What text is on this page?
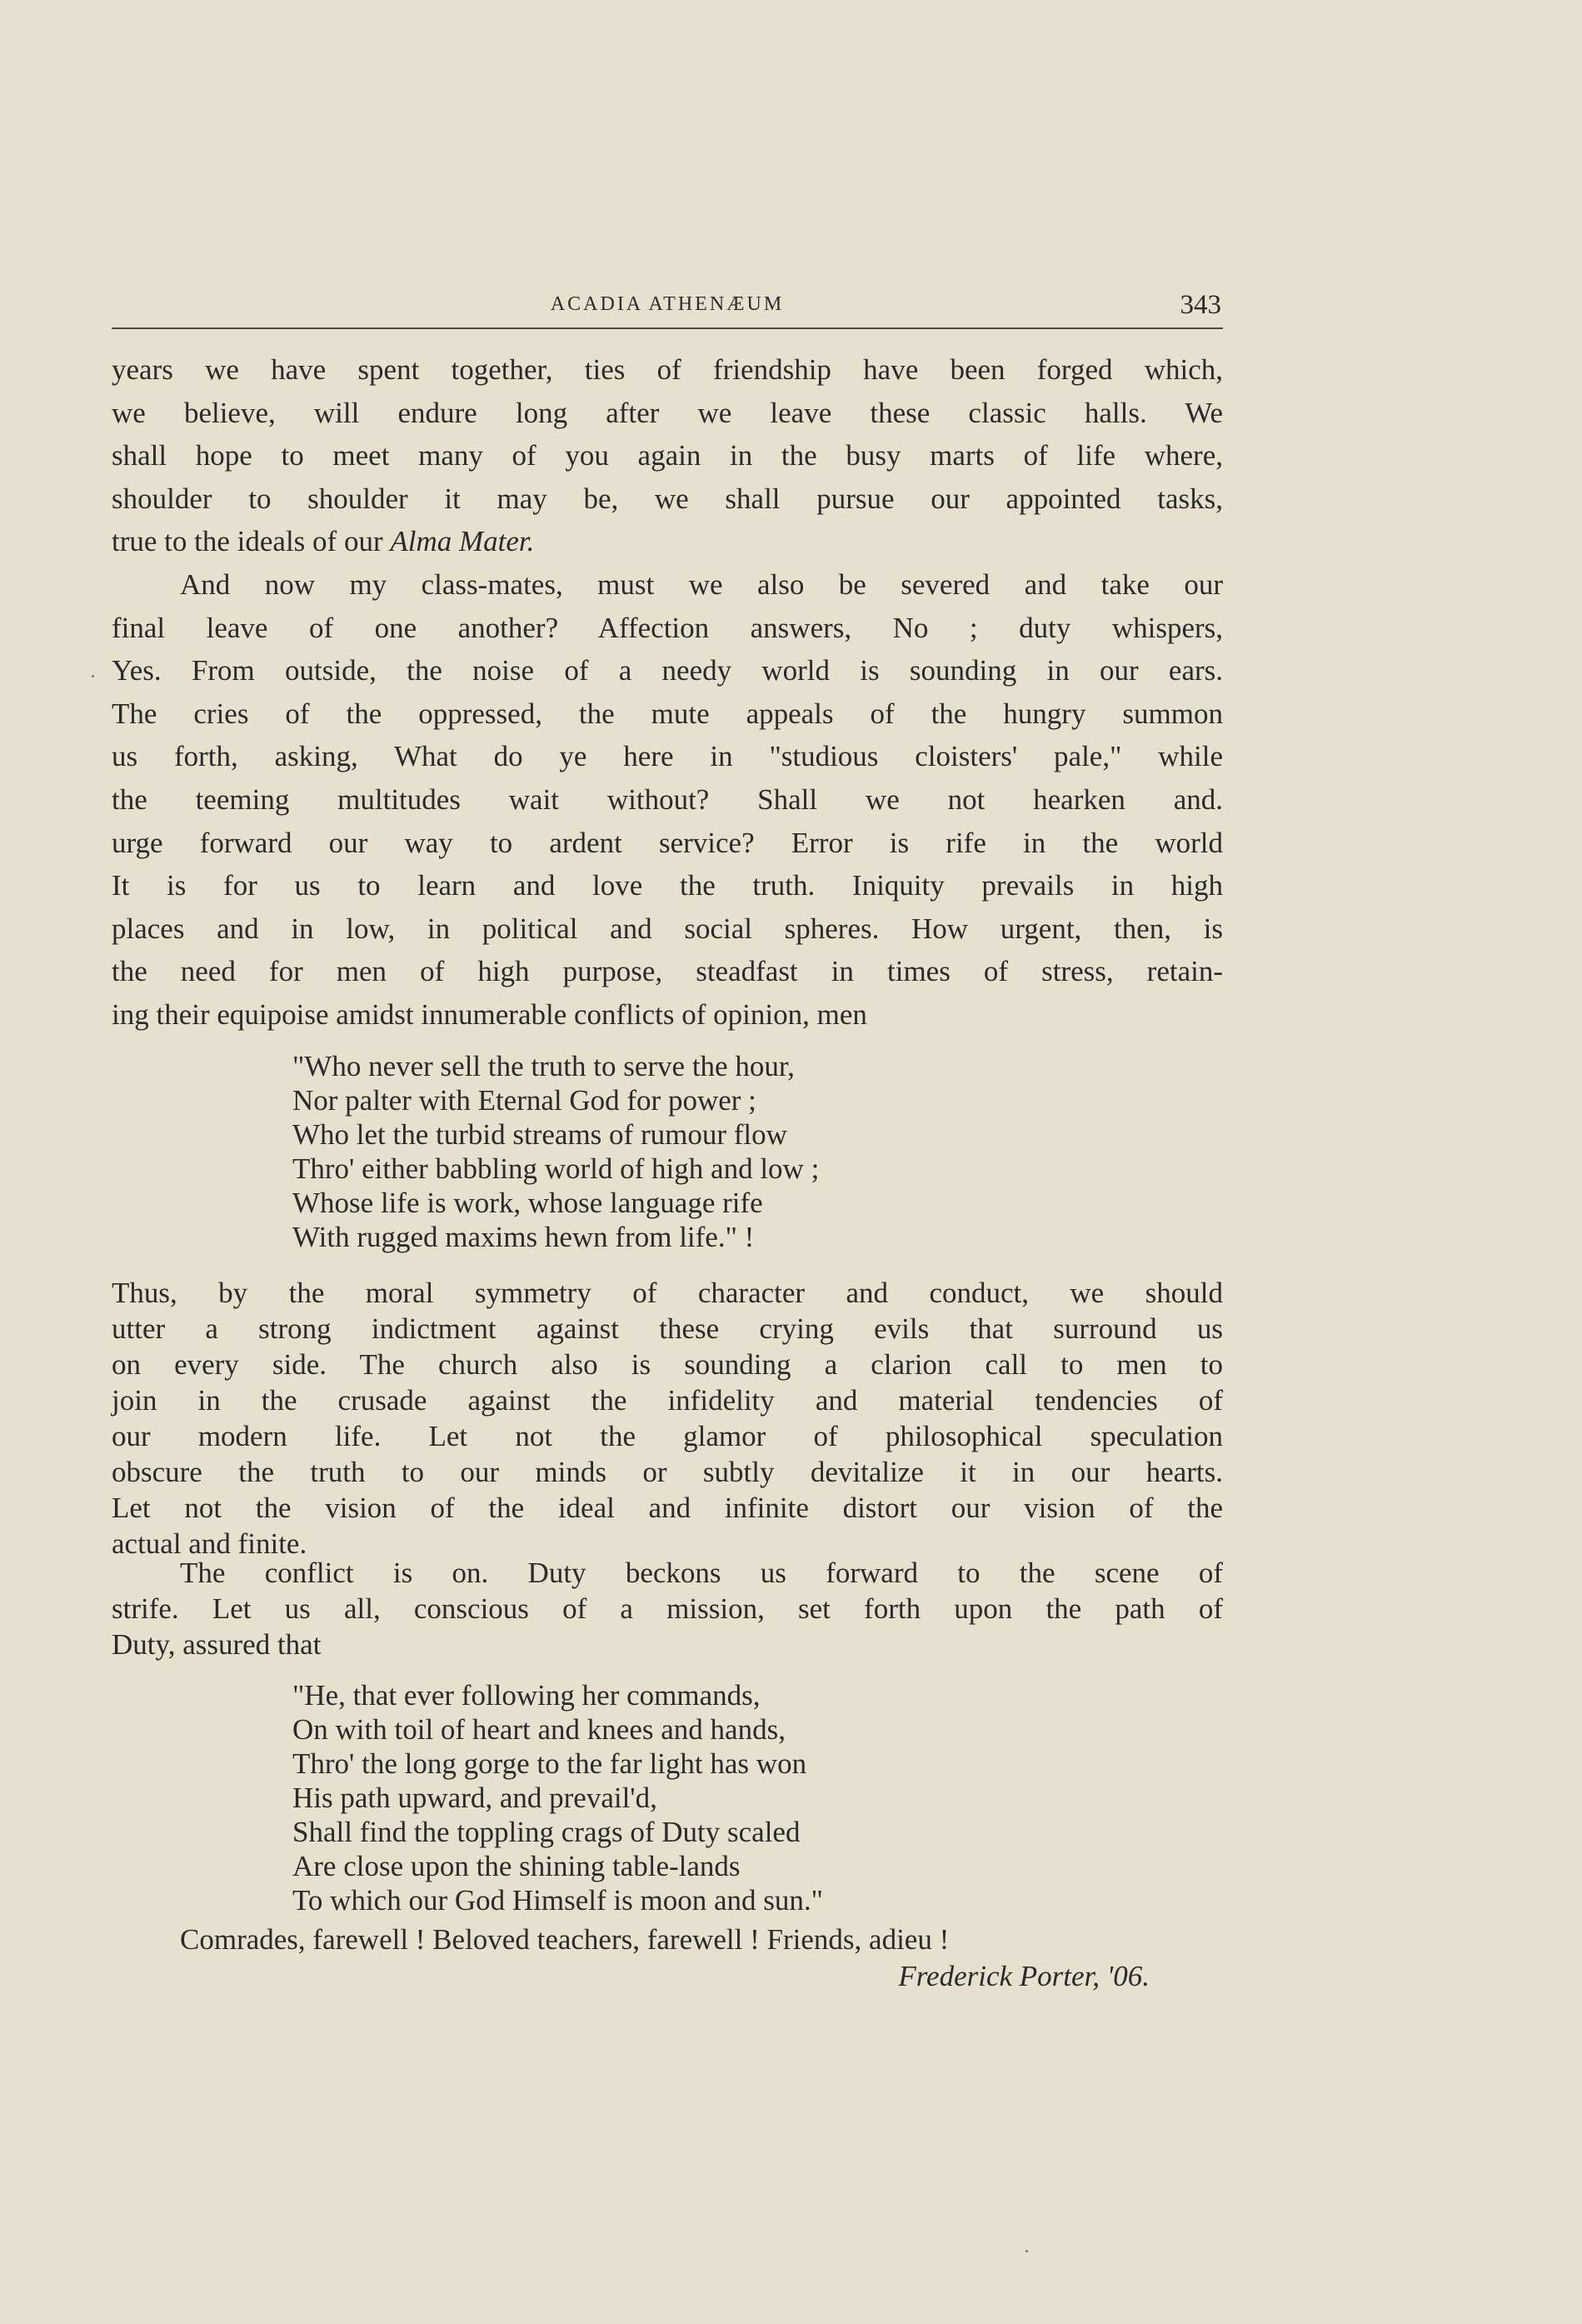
ACADIA ATHENÆUM	343
years we have spent together, ties of friendship have been forged which,
we believe, will endure long after we leave these classic halls. We
shall hope to meet many of you again in the busy marts of life where,
shoulder to shoulder it may be, we shall pursue our appointed tasks,
true to the ideals of our Alma Mater.
And now my class-mates, must we also be severed and take our
final leave of one another? Affection answers, No ; duty whispers,
Yes. From outside, the noise of a needy world is sounding in our ears.
The cries of the oppressed, the mute appeals of the hungry summon
us forth, asking, What do ye here in "studious cloisters' pale," while
the teeming multitudes wait without? Shall we not hearken and.
urge forward our way to ardent service? Error is rife in the world
It is for us to learn and love the truth. Iniquity prevails in high
places and in low, in political and social spheres. How urgent, then, is
the need for men of high purpose, steadfast in times of stress, retain-
ing their equipoise amidst innumerable conflicts of opinion, men
"Who never sell the truth to serve the hour,
Nor palter with Eternal God for power ;
Who let the turbid streams of rumour flow
Thro' either babbling world of high and low ;
Whose life is work, whose language rife
With rugged maxims hewn from life." !
Thus, by the moral symmetry of character and conduct, we should
utter a strong indictment against these crying evils that surround us
on every side. The church also is sounding a clarion call to men to
join in the crusade against the infidelity and material tendencies of
our modern life. Let not the glamor of philosophical speculation
obscure the truth to our minds or subtly devitalize it in our hearts.
Let not the vision of the ideal and infinite distort our vision of the
actual and finite.
The conflict is on. Duty beckons us forward to the scene of
strife. Let us all, conscious of a mission, set forth upon the path of
Duty, assured that
"He, that ever following her commands,
On with toil of heart and knees and hands,
Thro' the long gorge to the far light has won
His path upward, and prevail'd,
Shall find the toppling crags of Duty scaled
Are close upon the shining table-lands
To which our God Himself is moon and sun."
Comrades, farewell ! Beloved teachers, farewell ! Friends, adieu !
Frederick Porter, '06.
